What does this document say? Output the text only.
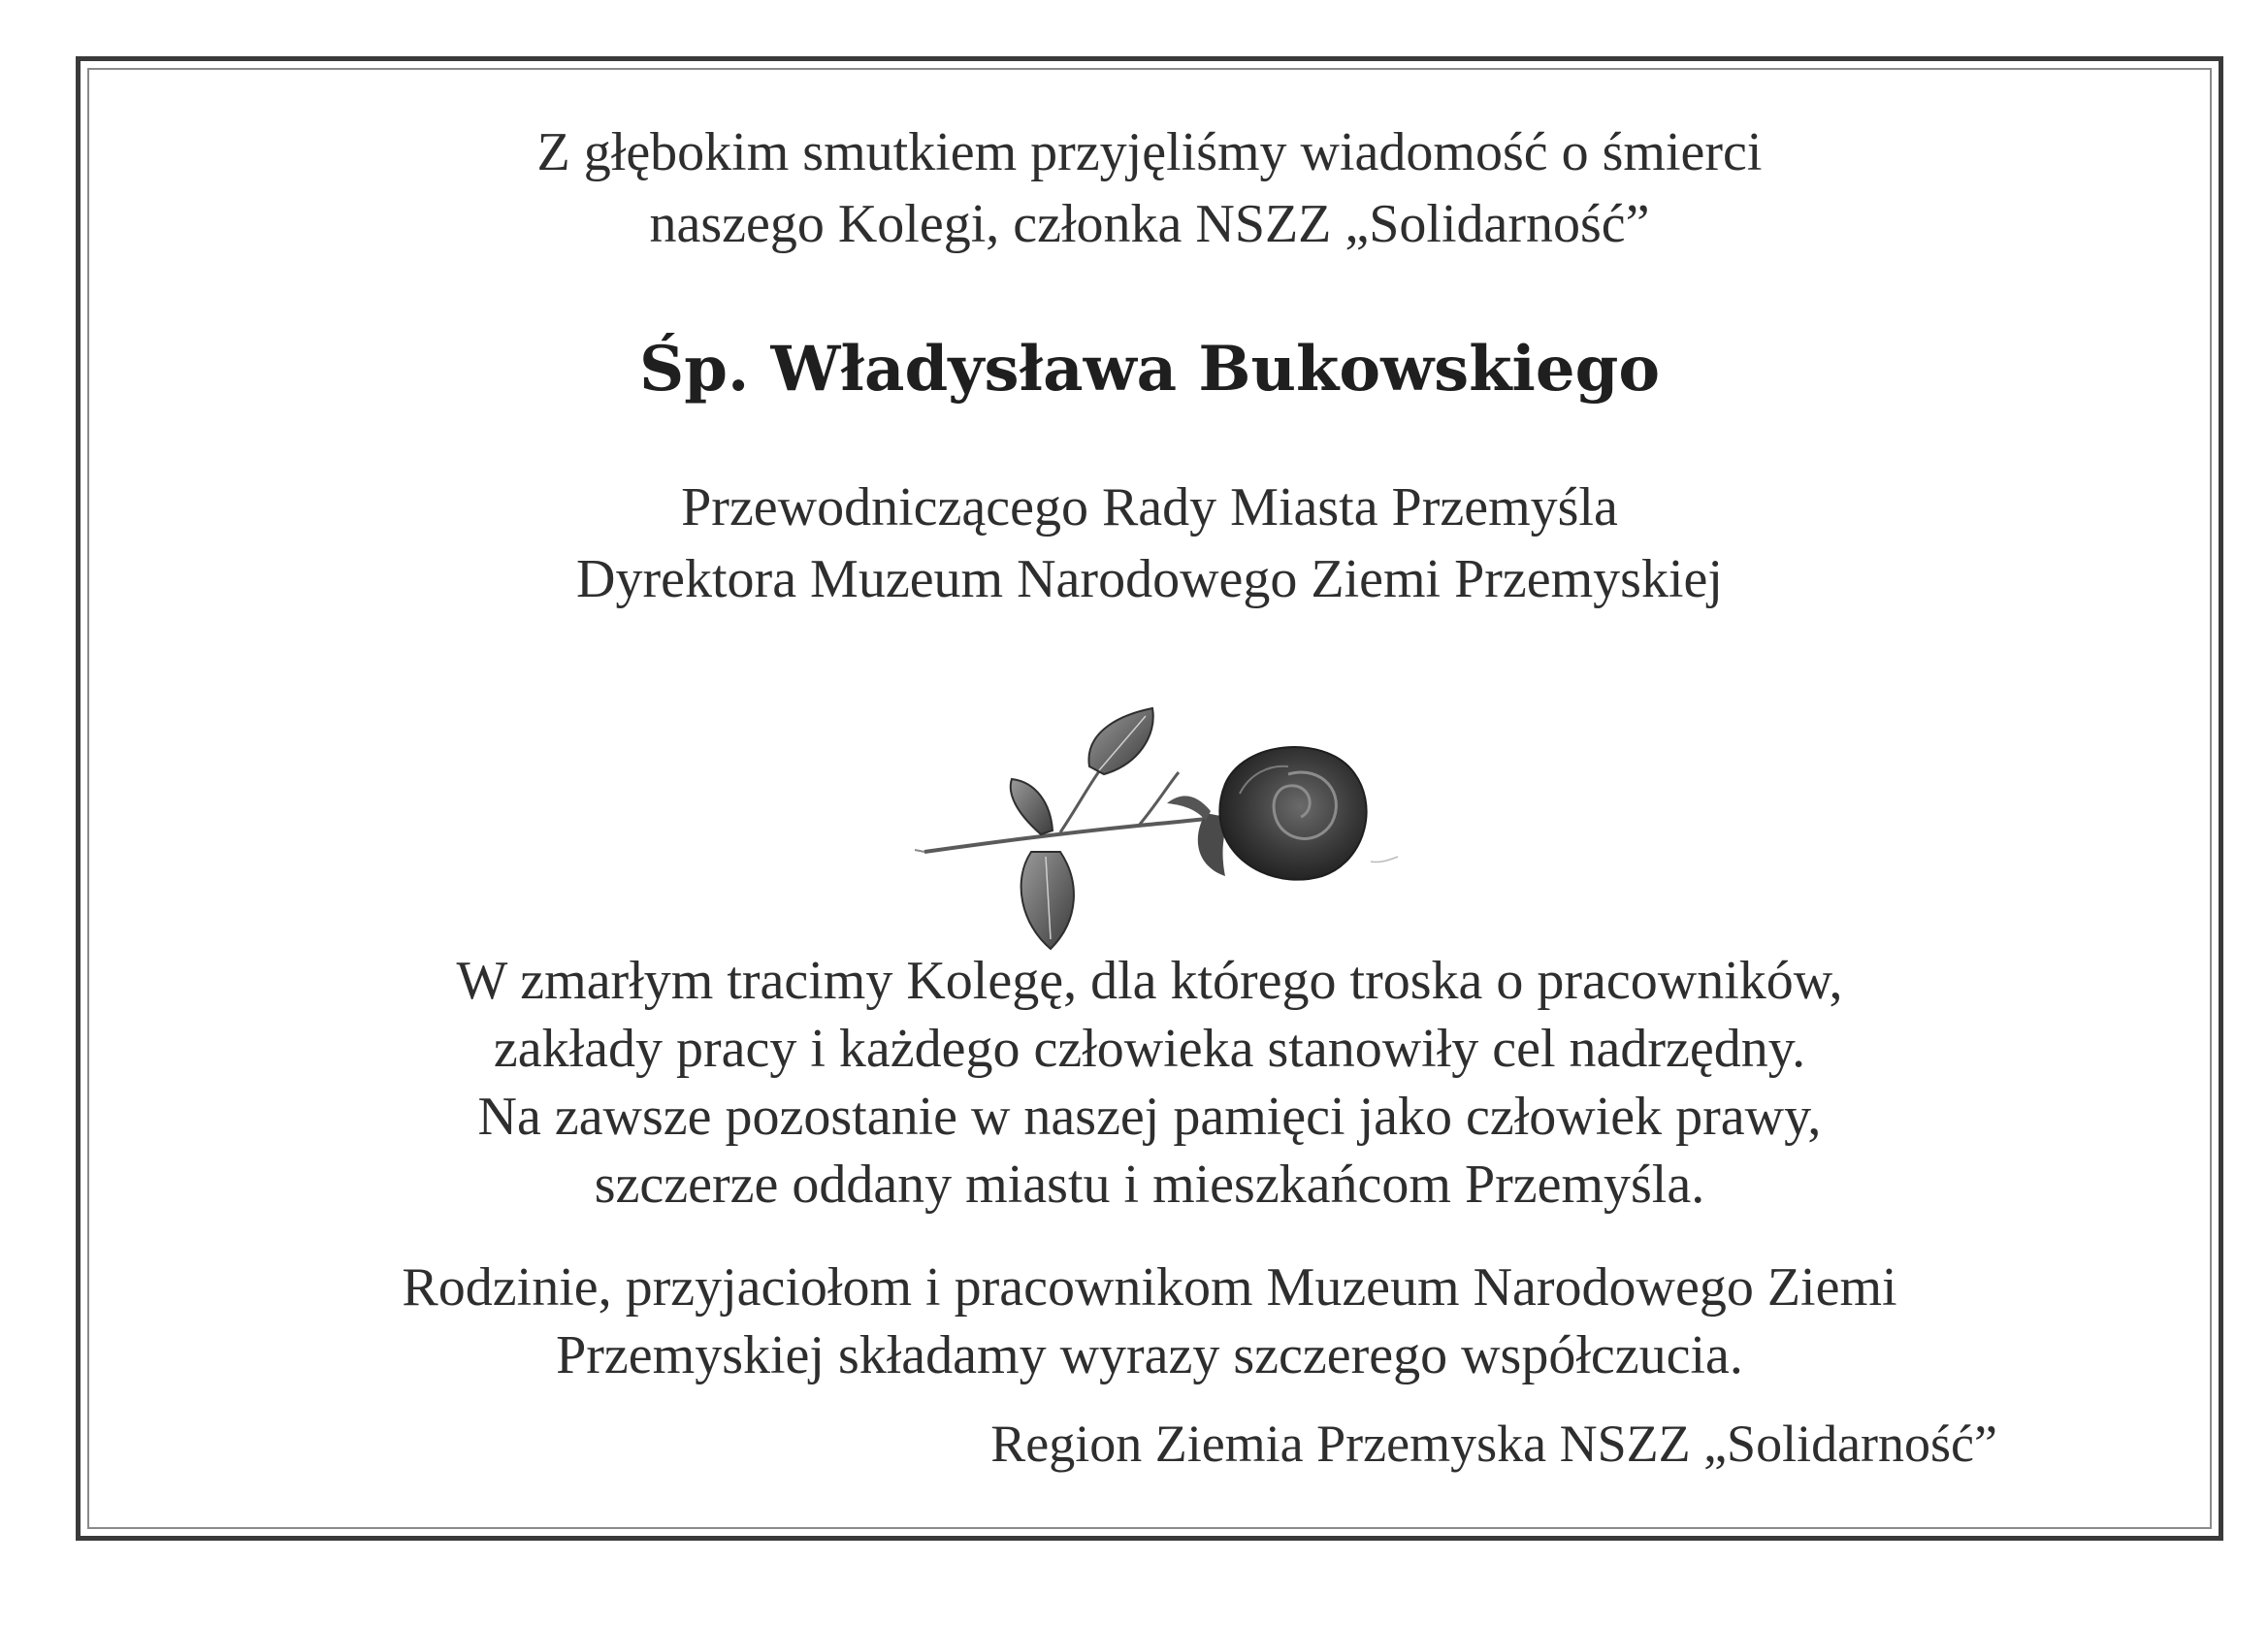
Z głębokim smutkiem przyjęliśmy wiadomość o śmierci
naszego Kolegi, członka NSZZ „Solidarność”
Śp. Władysława Bukowskiego
Przewodniczącego Rady Miasta Przemyśla
Dyrektora Muzeum Narodowego Ziemi Przemyskiej
W zmarłym tracimy Kolegę, dla którego troska o pracowników,
zakłady pracy i każdego człowieka stanowiły cel nadrzędny.
Na zawsze pozostanie w naszej pamięci jako człowiek prawy,
szczerze oddany miastu i mieszkańcom Przemyśla.
Rodzinie, przyjaciołom i pracownikom Muzeum Narodowego Ziemi
Przemyskiej składamy wyrazy szczerego współczucia.
Region Ziemia Przemyska NSZZ „Solidarność”
